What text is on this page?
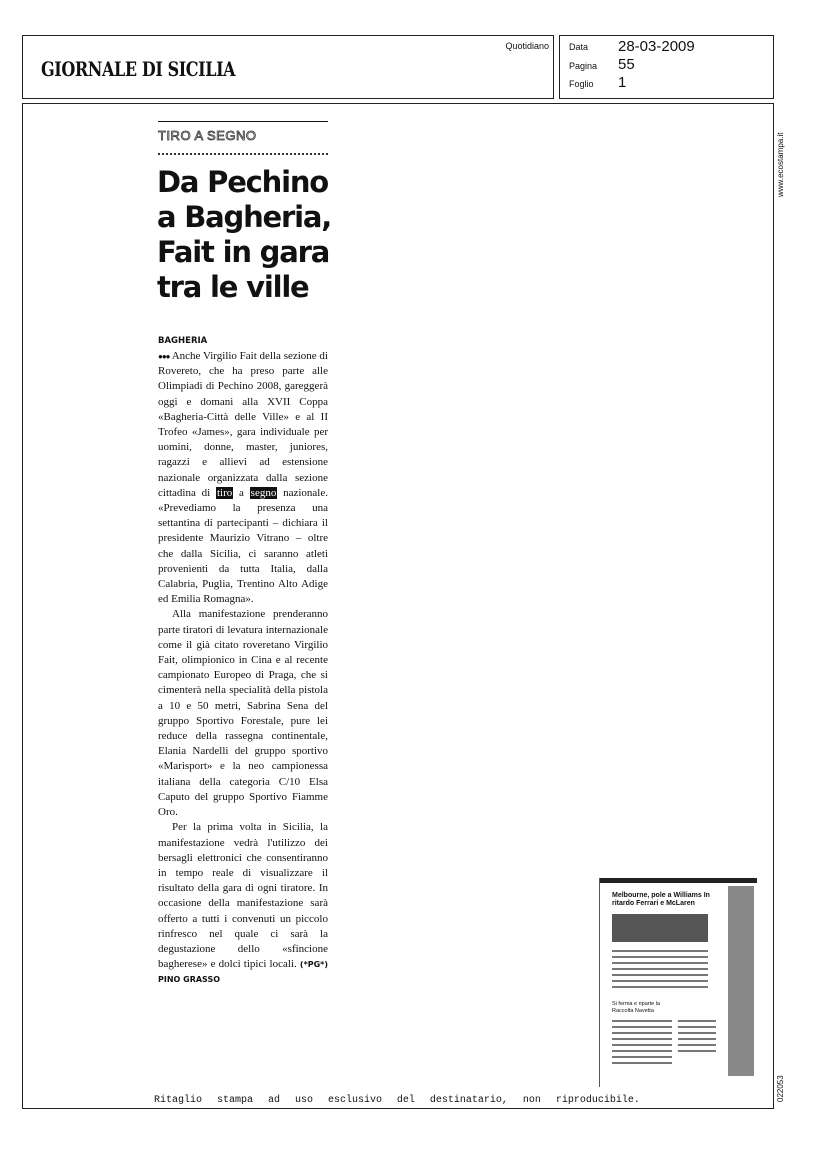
GIORNALE DI SICILIA
Quotidiano Data 28-03-2009
Pagina 55
Foglio 1
www.ecostampa.it
022053
TIRO A SEGNO
Da Pechino
a Bagheria,
Fait in gara
tra le ville
BAGHERIA

●●● Anche Virgilio Fait della sezione di Rovereto, che ha preso parte alle Olimpiadi di Pechino 2008, gareggerà oggi e domani alla XVII Coppa «Bagheria-Città delle Ville» e al II Trofeo «James», gara individuale per uomini, donne, master, juniores, ragazzi e allievi ad estensione nazionale organizzata dalla sezione cittadina di tiro a segno nazionale. «Prevediamo la presenza una settantina di partecipanti – dichiara il presidente Maurizio Vitrano – oltre che dalla Sicilia, ci saranno atleti provenienti da tutta Italia, dalla Calabria, Puglia, Trentino Alto Adige ed Emilia Romagna».

Alla manifestazione prenderanno parte tiratori di levatura internazionale come il già citato roveretano Virgilio Fait, olimpionico in Cina e al recente campionato Europeo di Praga, che si cimenterà nella specialità della pistola a 10 e 50 metri, Sabrina Sena del gruppo Sportivo Forestale, pure lei reduce della rassegna continentale, Elania Nardelli del gruppo sportivo «Marisport» e la neo campionessa italiana della categoria C/10 Elsa Caputo del gruppo Sportivo Fiamme Oro.

Per la prima volta in Sicilia, la manifestazione vedrà l'utilizzo dei bersagli elettronici che consentiranno in tempo reale di visualizzare il risultato della gara di ogni tiratore. In occasione della manifestazione sarà offerto a tutti i convenuti un piccolo rinfresco nel quale ci sarà la degustazione dello «sfincione bagherese» e dolci tipici locali. (*PG*) PINO GRASSO

Melbourne, pole a Williams In ritardo Ferrari e McLaren
Si ferma e riparte la Raccolta Navetta
Ritaglio stampa ad uso esclusivo del destinatario, non riproducibile.
